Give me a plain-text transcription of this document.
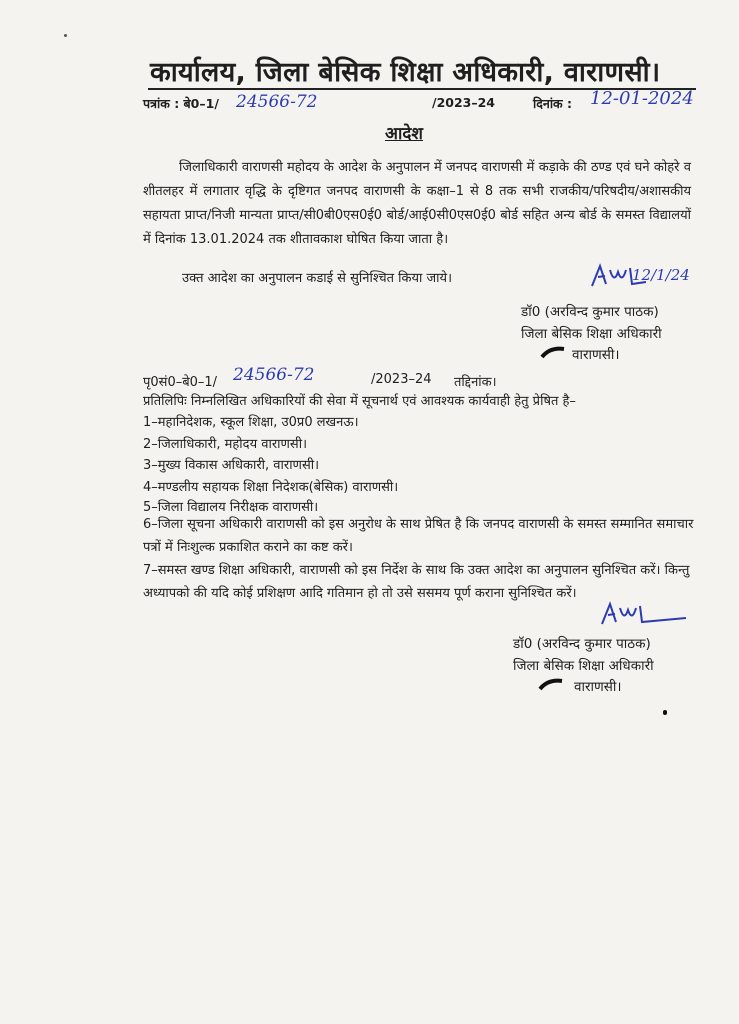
कार्यालय, जिला बेसिक शिक्षा अधिकारी, वाराणसी।
पत्रांक : बे0–1/ 24566-72	/2023–24	दिनांक : 12-01-2024
आदेश
जिलाधिकारी वाराणसी महोदय के आदेश के अनुपालन में जनपद वाराणसी में कड़ाके की ठण्ड एवं घने कोहरे व शीतलहर में लगातार वृद्धि के दृष्टिगत जनपद वाराणसी के कक्षा–1 से 8 तक सभी राजकीय/परिषदीय/अशासकीय सहायता प्राप्त/निजी मान्यता प्राप्त/सी0बी0एस0ई0 बोर्ड/आई0सी0एस0ई0 बोर्ड सहित अन्य बोर्ड के समस्त विद्यालयों में दिनांक 13.01.2024 तक शीतावकाश घोषित किया जाता है।
उक्त आदेश का अनुपालन कडाई से सुनिश्चित किया जाये।	12/1/24
डॉ0 (अरविन्द कुमार पाठक)
जिला बेसिक शिक्षा अधिकारी
वाराणसी।
पृ0सं0–बे0–1/ 24566-72	/2023–24 तद्दिनांक।
प्रतिलिपिः निम्नलिखित अधिकारियों की सेवा में सूचनार्थ एवं आवश्यक कार्यवाही हेतु प्रेषित है–
1–महानिदेशक, स्कूल शिक्षा, उ0प्र0 लखनऊ।
2–जिलाधिकारी, महोदय वाराणसी।
3–मुख्य विकास अधिकारी, वाराणसी।
4–मण्डलीय सहायक शिक्षा निदेशक(बेसिक) वाराणसी।
5–जिला विद्यालय निरीक्षक वाराणसी।
6–जिला सूचना अधिकारी वाराणसी को इस अनुरोध के साथ प्रेषित है कि जनपद वाराणसी के समस्त सम्मानित समाचार पत्रों में निःशुल्क प्रकाशित कराने का कष्ट करें।
7–समस्त खण्ड शिक्षा अधिकारी, वाराणसी को इस निर्देश के साथ कि उक्त आदेश का अनुपालन सुनिश्चित करें। किन्तु अध्यापको की यदि कोई प्रशिक्षण आदि गतिमान हो तो उसे ससमय पूर्ण कराना सुनिश्चित करें।
डॉ0 (अरविन्द कुमार पाठक)
जिला बेसिक शिक्षा अधिकारी
वाराणसी।
